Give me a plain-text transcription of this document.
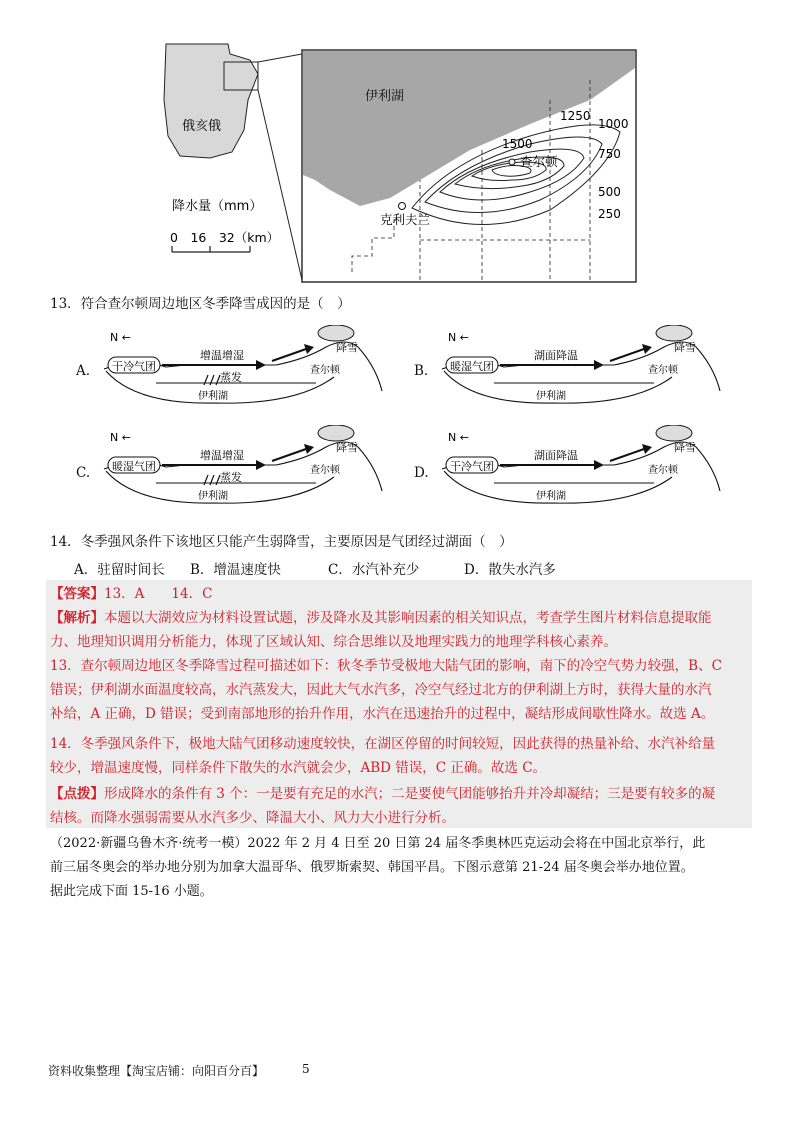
俄亥俄
降水量（mm）
0　16　32（km）
伊利湖
查尔顿
克利夫兰
1500
1250
1000
750
500
250
13．符合查尔顿周边地区冬季降雪成因的是（　）
A.
N ←
干冷气团
增温增湿
蒸发
降雪
查尔顿
伊利湖
B.
N ←
暖湿气团
湖面降温
降雪
查尔顿
伊利湖
C.
N ←
暖湿气团
增温增湿
蒸发
降雪
查尔顿
伊利湖
D.
N ←
干冷气团
湖面降温
降雪
查尔顿
伊利湖
14．冬季强风条件下该地区只能产生弱降雪，主要原因是气团经过湖面（　）
A．驻留时间长 B．增温速度快	C．水汽补充少	D．散失水汽多
【答案】13．A　　14．C
【解析】本题以大湖效应为材料设置试题，涉及降水及其影响因素的相关知识点，考查学生图片材料信息提取能
力、地理知识调用分析能力，体现了区域认知、综合思维以及地理实践力的地理学科核心素养。
13．查尔顿周边地区冬季降雪过程可描述如下：秋冬季节受极地大陆气团的影响，南下的冷空气势力较强，B、C
错误；伊利湖水面温度较高，水汽蒸发大，因此大气水汽多，冷空气经过北方的伊利湖上方时，获得大量的水汽
补给，A 正确，D 错误；受到南部地形的抬升作用，水汽在迅速抬升的过程中，凝结形成间歇性降水。故选 A。
14．冬季强风条件下，极地大陆气团移动速度较快，在湖区停留的时间较短，因此获得的热量补给、水汽补给量
较少，增温速度慢，同样条件下散失的水汽就会少，ABD 错误，C 正确。故选 C。
【点拨】形成降水的条件有 3 个：一是要有充足的水汽；二是要使气团能够抬升并冷却凝结；三是要有较多的凝
结核。而降水强弱需要从水汽多少、降温大小、风力大小进行分析。
（2022·新疆乌鲁木齐·统考一模）2022 年 2 月 4 日至 20 日第 24 届冬季奥林匹克运动会将在中国北京举行，此
前三届冬奥会的举办地分别为加拿大温哥华、俄罗斯索契、韩国平昌。下图示意第 21-24 届冬奥会举办地位置。
据此完成下面 15-16 小题。
资料收集整理【淘宝店铺：向阳百分百】	5
